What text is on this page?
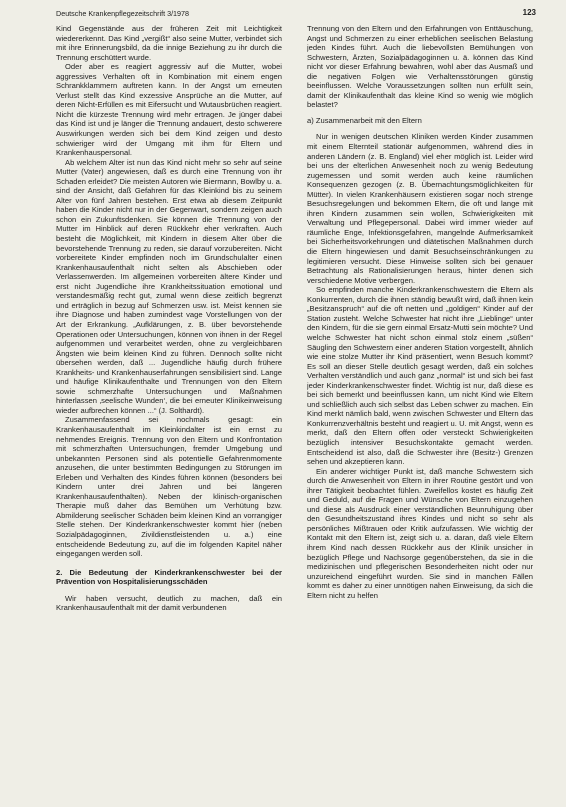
Deutsche Krankenpflegezeitschrift 3/1978	123

Kind Gegenstände aus der früheren Zeit mit Leichtigkeit wiedererkennt. Das Kind „vergißt“ also seine Mutter, verbindet sich mit ihre Erinnerungsbild, da die innige Beziehung zu ihr durch die Trennung erschüttert wurde.

Oder aber es reagiert aggressiv auf die Mutter, wobei aggressives Verhalten oft in Kombination mit einem engen Schrankklammern auftreten kann. In der Angst um erneuten Verlust stellt das Kind exzessive Ansprüche an die Mutter, auf deren Nicht-Erfüllen es mit Eifersucht und Wutausbrüchen reagiert. Nicht die kürzeste Trennung wird mehr ertragen. Je jünger dabei das Kind ist und je länger die Trennung andauert, desto schwerere Auswirkungen werden sich bei dem Kind zeigen und desto schwieriger wird der Umgang mit ihm für Eltern und Krankenhauspersonal.

Ab welchem Alter ist nun das Kind nicht mehr so sehr auf seine Mutter (Vater) angewiesen, daß es durch eine Trennung von ihr Schaden erleidet? Die meisten Autoren wie Biermann, Bowlby u. a. sind der Ansicht, daß Gefahren für das Kleinkind bis zu seinem Alter von fünf Jahren bestehen. Erst etwa ab diesem Zeitpunkt haben die Kinder nicht nur in der Gegenwart, sondern zeigen auch schon ein Zukunftsdenken. Sie können die Trennung von der Mutter im Hinblick auf deren Rückkehr eher verkraften. Auch besteht die Möglichkeit, mit Kindern in diesem Alter über die bevorstehende Trennung zu reden, sie darauf vorzubereiten. Nicht vorbereitete Kinder empfinden noch im Grundschulalter einen Krankenhausaufenthalt nicht selten als Abschieben oder Verlassenwerden. Im allgemeinen vorbereiten ältere Kinder und erst nicht Jugendliche ihre Krankheitssituation emotional und verstandesmäßig recht gut, zumal wenn diese zeitlich begrenzt und erträglich in bezug auf Schmerzen usw. ist. Meist kennen sie ihre Diagnose und haben zumindest vage Vorstellungen von der Art der Erkrankung. „Aufklärungen, z. B. über bevorstehende Operationen oder Untersuchungen, können von ihnen in der Regel aufgenommen und verarbeitet werden, ohne zu vergleichbaren Ängsten wie beim kleinen Kind zu führen. Dennoch sollte nicht übersehen werden, daß ... Jugendliche häufig durch frühere Krankheits- und Krankenhauserfahrungen sensibilisiert sind. Lange und häufige Klinikaufenthalte und Trennungen von den Eltern sowie schmerzhafte Untersuchungen und Maßnahmen hinterlassen ‚seelische Wunden‘, die bei erneuter Klinikeinweisung wieder aufbrechen können ...“ (J. Solthardt).

Zusammenfassend sei nochmals gesagt: ein Krankenhausaufenthalt im Kleinkindalter ist ein ernst zu nehmendes Ereignis. Trennung von den Eltern und Konfrontation mit schmerzhaften Untersuchungen, fremder Umgebung und unbekannten Personen sind als potentielle Gefahrenmomente anzusehen, die unter bestimmten Bedingungen zu Störungen im Erleben und Verhalten des Kindes führen können (besonders bei Kindern unter drei Jahren und bei längeren Krankenhausaufenthalten). Neben der klinisch-organischen Therapie muß daher das Bemühen um Verhütung bzw. Abmilderung seelischer Schäden beim kleinen Kind an vorrangiger Stelle stehen. Der Kinderkrankenschwester kommt hier (neben Sozialpädagoginnen, Zivildienstleistenden u. a.) eine entscheidende Bedeutung zu, auf die im folgenden Kapitel näher eingegangen werden soll.

2. Die Bedeutung der Kinderkrankenschwester bei der Prävention von Hospitalisierungsschäden

Wir haben versucht, deutlich zu machen, daß ein Krankenhausaufenthalt mit der damit verbundenen

Trennung von den Eltern und den Erfahrungen von Enttäuschung, Angst und Schmerzen zu einer erheblichen seelischen Belastung jeden Kindes führt. Auch die liebevollsten Bemühungen von Schwestern, Ärzten, Sozialpädagoginnen u. ä. können das Kind nicht vor dieser Erfahrung bewahren, wohl aber das Ausmaß und die negativen Folgen wie Verhaltensstörungen günstig beeinflussen. Welche Voraussetzungen sollten nun erfüllt sein, damit der Klinikaufenthalt das kleine Kind so wenig wie möglich belastet?

a) Zusammenarbeit mit den Eltern

Nur in wenigen deutschen Kliniken werden Kinder zusammen mit einem Elternteil stationär aufgenommen, während dies in anderen Ländern (z. B. England) viel eher möglich ist. Leider wird bei uns der elterlichen Anwesenheit noch zu wenig Bedeutung zugemessen und somit werden auch keine räumlichen Konsequenzen gezogen (z. B. Übernachtungsmöglichkeiten für Mütter). In vielen Krankenhäusern existieren sogar noch strenge Besuchsregelungen und bekommen Eltern, die oft und lange mit ihren Kindern zusammen sein wollen, Schwierigkeiten mit Verwaltung und Pflegepersonal. Dabei wird immer wieder auf räumliche Enge, Infektionsgefahren, mangelnde Aufmerksamkeit bei Sicherheitsvorkehrungen und diätetischen Maßnahmen durch die Eltern hingewiesen und damit Besuchseinschränkungen zu legitimieren versucht. Diese Hinweise sollten sich bei genauer Betrachtung als Rationalisierungen heraus, hinter denen sich verschiedene Motive verbergen.

So empfinden manche Kinderkrankenschwestern die Eltern als Konkurrenten, durch die ihnen ständig bewußt wird, daß ihnen kein „Besitzanspruch“ auf die oft netten und „goldigen“ Kinder auf der Station zusteht. Welche Schwester hat nicht ihre „Lieblinge“ unter den Kindern, für die sie gern einmal Ersatz-Mutti sein möchte? Und welche Schwester hat nicht schon einmal stolz einem „süßen“ Säugling den Schwestern einer anderen Station vorgestellt, ähnlich wie eine stolze Mutter ihr Kind präsentiert, wenn Besuch kommt? Es soll an dieser Stelle deutlich gesagt werden, daß ein solches Verhalten verständlich und auch ganz „normal“ ist und sich bei fast jeder Kinderkrankenschwester findet. Wichtig ist nur, daß diese es bei sich bemerkt und beeinflussen kann, um nicht Kind wie Eltern und schließlich auch sich selbst das Leben schwer zu machen. Ein Kind merkt nämlich bald, wenn zwischen Schwester und Eltern das Konkurrenzverhältnis besteht und reagiert u. U. mit Angst, wenn es merkt, daß den Eltern offen oder versteckt Schwierigkeiten bezüglich intensiver Besuchskontakte gemacht werden. Entscheidend ist also, daß die Schwester ihre (Besitz-) Grenzen sehen und akzeptieren kann.

Ein anderer wichtiger Punkt ist, daß manche Schwestern sich durch die Anwesenheit von Eltern in ihrer Routine gestört und von ihrer Tätigkeit beobachtet fühlen. Zweifellos kostet es häufig Zeit und Geduld, auf die Fragen und Wünsche von Eltern einzugehen und diese als Ausdruck einer verständlichen Beunruhigung über den Gesundheitszustand ihres Kindes und nicht so sehr als persönliches Mißtrauen oder Kritik aufzufassen. Wie wichtig der Kontakt mit den Eltern ist, zeigt sich u. a. daran, daß viele Eltern ihrem Kind nach dessen Rückkehr aus der Klinik unsicher in bezüglich Pflege und Nachsorge gegenüberstehen, da sie in die medizinischen und pflegerischen Besonderheiten nicht oder nur unzureichend eingeführt wurden. Sie sind in manchen Fällen kommt es daher zu einer unnötigen nahen Einweisung, da sich die Eltern nicht zu helfen
